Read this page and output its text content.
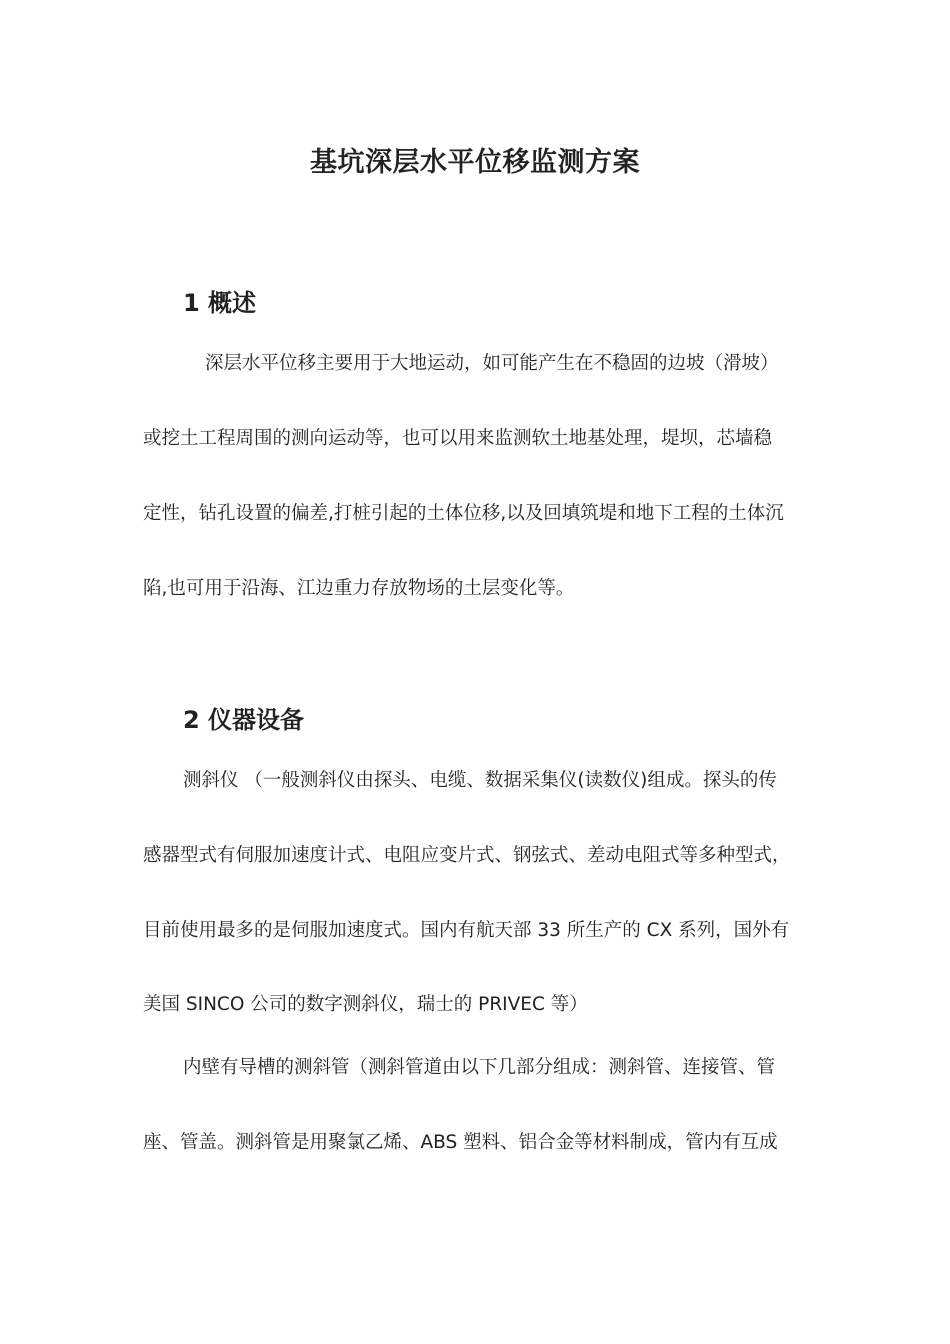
基坑深层水平位移监测方案
1 概述
深层水平位移主要用于大地运动，如可能产生在不稳固的边坡（滑坡）
或挖土工程周围的测向运动等，也可以用来监测软土地基处理，堤坝，芯墙稳
定性，钻孔设置的偏差,打桩引起的土体位移,以及回填筑堤和地下工程的土体沉
陷,也可用于沿海、江边重力存放物场的土层变化等。
2 仪器设备
测斜仪 （一般测斜仪由探头、电缆、数据采集仪(读数仪)组成。探头的传
感器型式有伺服加速度计式、电阻应变片式、钢弦式、差动电阻式等多种型式，
目前使用最多的是伺服加速度式。国内有航天部 33 所生产的 CX 系列，国外有
美国 SINCO 公司的数字测斜仪，瑞士的 PRIVEC 等）
内壁有导槽的测斜管（测斜管道由以下几部分组成：测斜管、连接管、管
座、管盖。测斜管是用聚氯乙烯、ABS 塑料、铝合金等材料制成，管内有互成
